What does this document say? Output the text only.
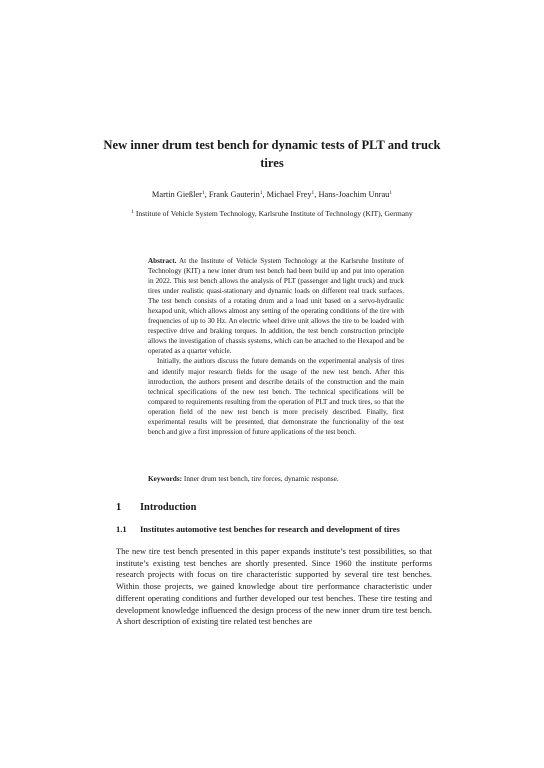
New inner drum test bench for dynamic tests of PLT and truck tires
Martin Gießler$^1$, Frank Gauterin$^1$, Michael Frey$^1$, Hans-Joachim Unrau$^1$
$^1$ Institute of Vehicle System Technology, Karlsruhe Institute of Technology (KIT), Germany

Abstract. At the Institute of Vehicle System Technology at the Karlsruhe Institute of Technology (KIT) a new inner drum test bench had been build up and put into operation in 2022. This test bench allows the analysis of PLT (passenger and light truck) and truck tires under realistic quasi-stationary and dynamic loads on different real track surfaces. The test bench consists of a rotating drum and a load unit based on a servo-hydraulic hexapod unit, which allows almost any setting of the operating conditions of the tire with frequencies of up to 30 Hz. An electric wheel drive unit allows the tire to be loaded with respective drive and braking torques. In addition, the test bench construction principle allows the investigation of chassis systems, which can be attached to the Hexapod and be operated as a quarter vehicle.

Initially, the authors discuss the future demands on the experimental analysis of tires and identify major research fields for the usage of the new test bench. After this introduction, the authors present and describe details of the construction and the main technical specifications of the new test bench. The technical specifications will be compared to requirements resulting from the operation of PLT and truck tires, so that the operation field of the new test bench is more precisely described. Finally, first experimental results will be presented, that demonstrate the functionality of the test bench and give a first impression of future applications of the test bench.

Keywords: Inner drum test bench, tire forces, dynamic response.
1 Introduction
1.1 Institutes automotive test benches for research and development of tires

The new tire test bench presented in this paper expands institute’s test possibilities, so that institute’s existing test benches are shortly presented. Since 1960 the institute performs research projects with focus on tire characteristic supported by several tire test benches. Within those projects, we gained knowledge about tire performance characteristic under different operating conditions and further developed our test benches. These tire testing and development knowledge influenced the design process of the new inner drum tire test bench. A short description of existing tire related test benches are
